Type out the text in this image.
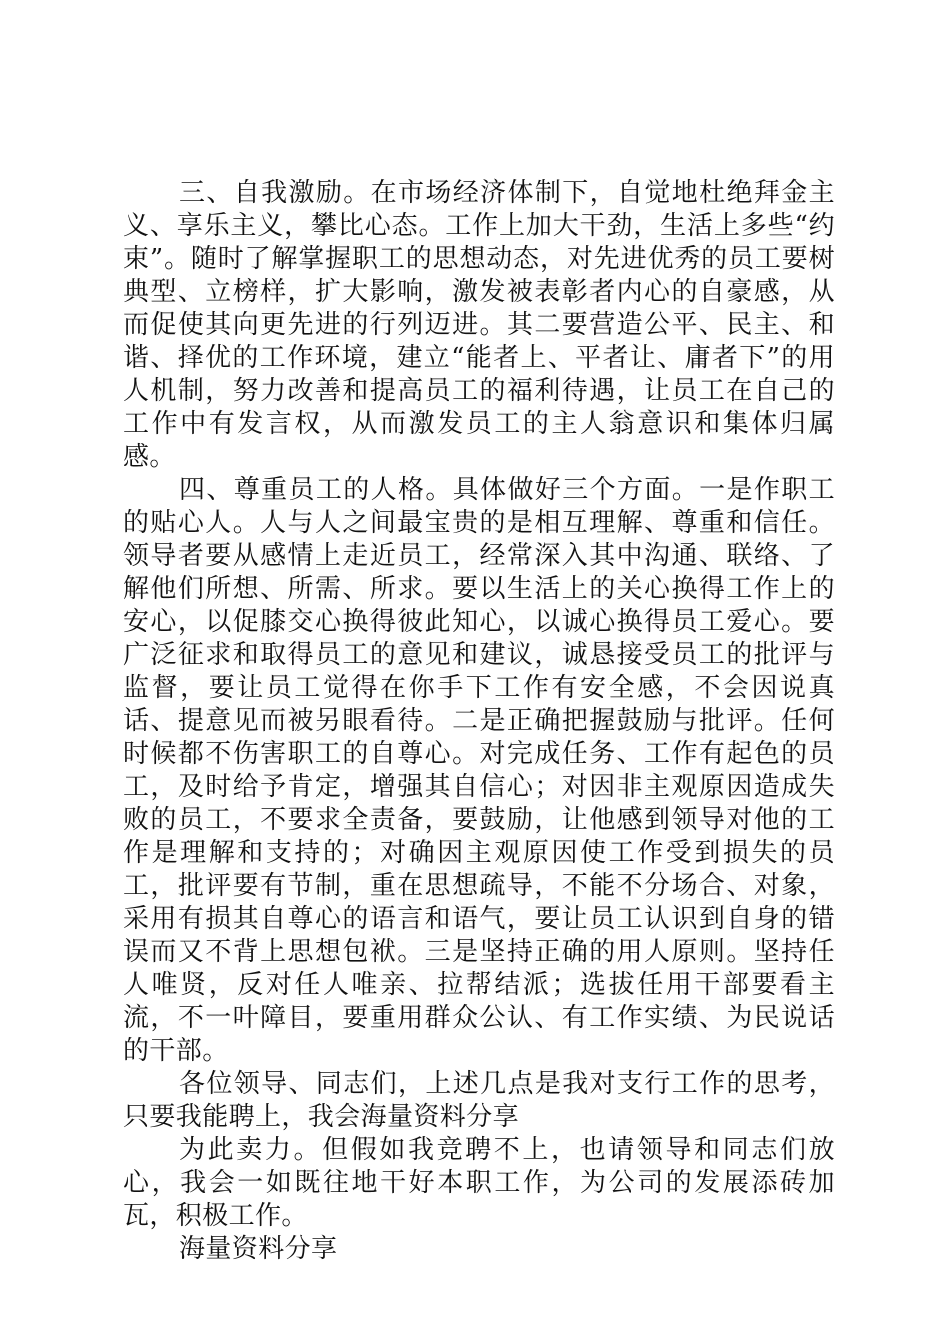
三、自我激励。在市场经济体制下，自觉地杜绝拜金主义、享乐主义，攀比心态。工作上加大干劲，生活上多些“约束”。随时了解掌握职工的思想动态，对先进优秀的员工要树典型、立榜样，扩大影响，激发被表彰者内心的自豪感，从而促使其向更先进的行列迈进。其二要营造公平、民主、和谐、择优的工作环境，建立“能者上、平者让、庸者下”的用人机制，努力改善和提高员工的福利待遇，让员工在自己的工作中有发言权，从而激发员工的主人翁意识和集体归属感。

四、尊重员工的人格。具体做好三个方面。一是作职工的贴心人。人与人之间最宝贵的是相互理解、尊重和信任。领导者要从感情上走近员工，经常深入其中沟通、联络、了解他们所想、所需、所求。要以生活上的关心换得工作上的安心，以促膝交心换得彼此知心，以诚心换得员工爱心。要广泛征求和取得员工的意见和建议，诚恳接受员工的批评与监督，要让员工觉得在你手下工作有安全感，不会因说真话、提意见而被另眼看待。二是正确把握鼓励与批评。任何时候都不伤害职工的自尊心。对完成任务、工作有起色的员工，及时给予肯定，增强其自信心；对因非主观原因造成失败的员工，不要求全责备，要鼓励，让他感到领导对他的工作是理解和支持的；对确因主观原因使工作受到损失的员工，批评要有节制，重在思想疏导，不能不分场合、对象，采用有损其自尊心的语言和语气，要让员工认识到自身的错误而又不背上思想包袱。三是坚持正确的用人原则。坚持任人唯贤，反对任人唯亲、拉帮结派；选拔任用干部要看主流，不一叶障目，要重用群众公认、有工作实绩、为民说话的干部。

各位领导、同志们，上述几点是我对支行工作的思考，只要我能聘上，我会海量资料分享

为此卖力。但假如我竞聘不上，也请领导和同志们放心，我会一如既往地干好本职工作，为公司的发展添砖加瓦，积极工作。

海量资料分享
